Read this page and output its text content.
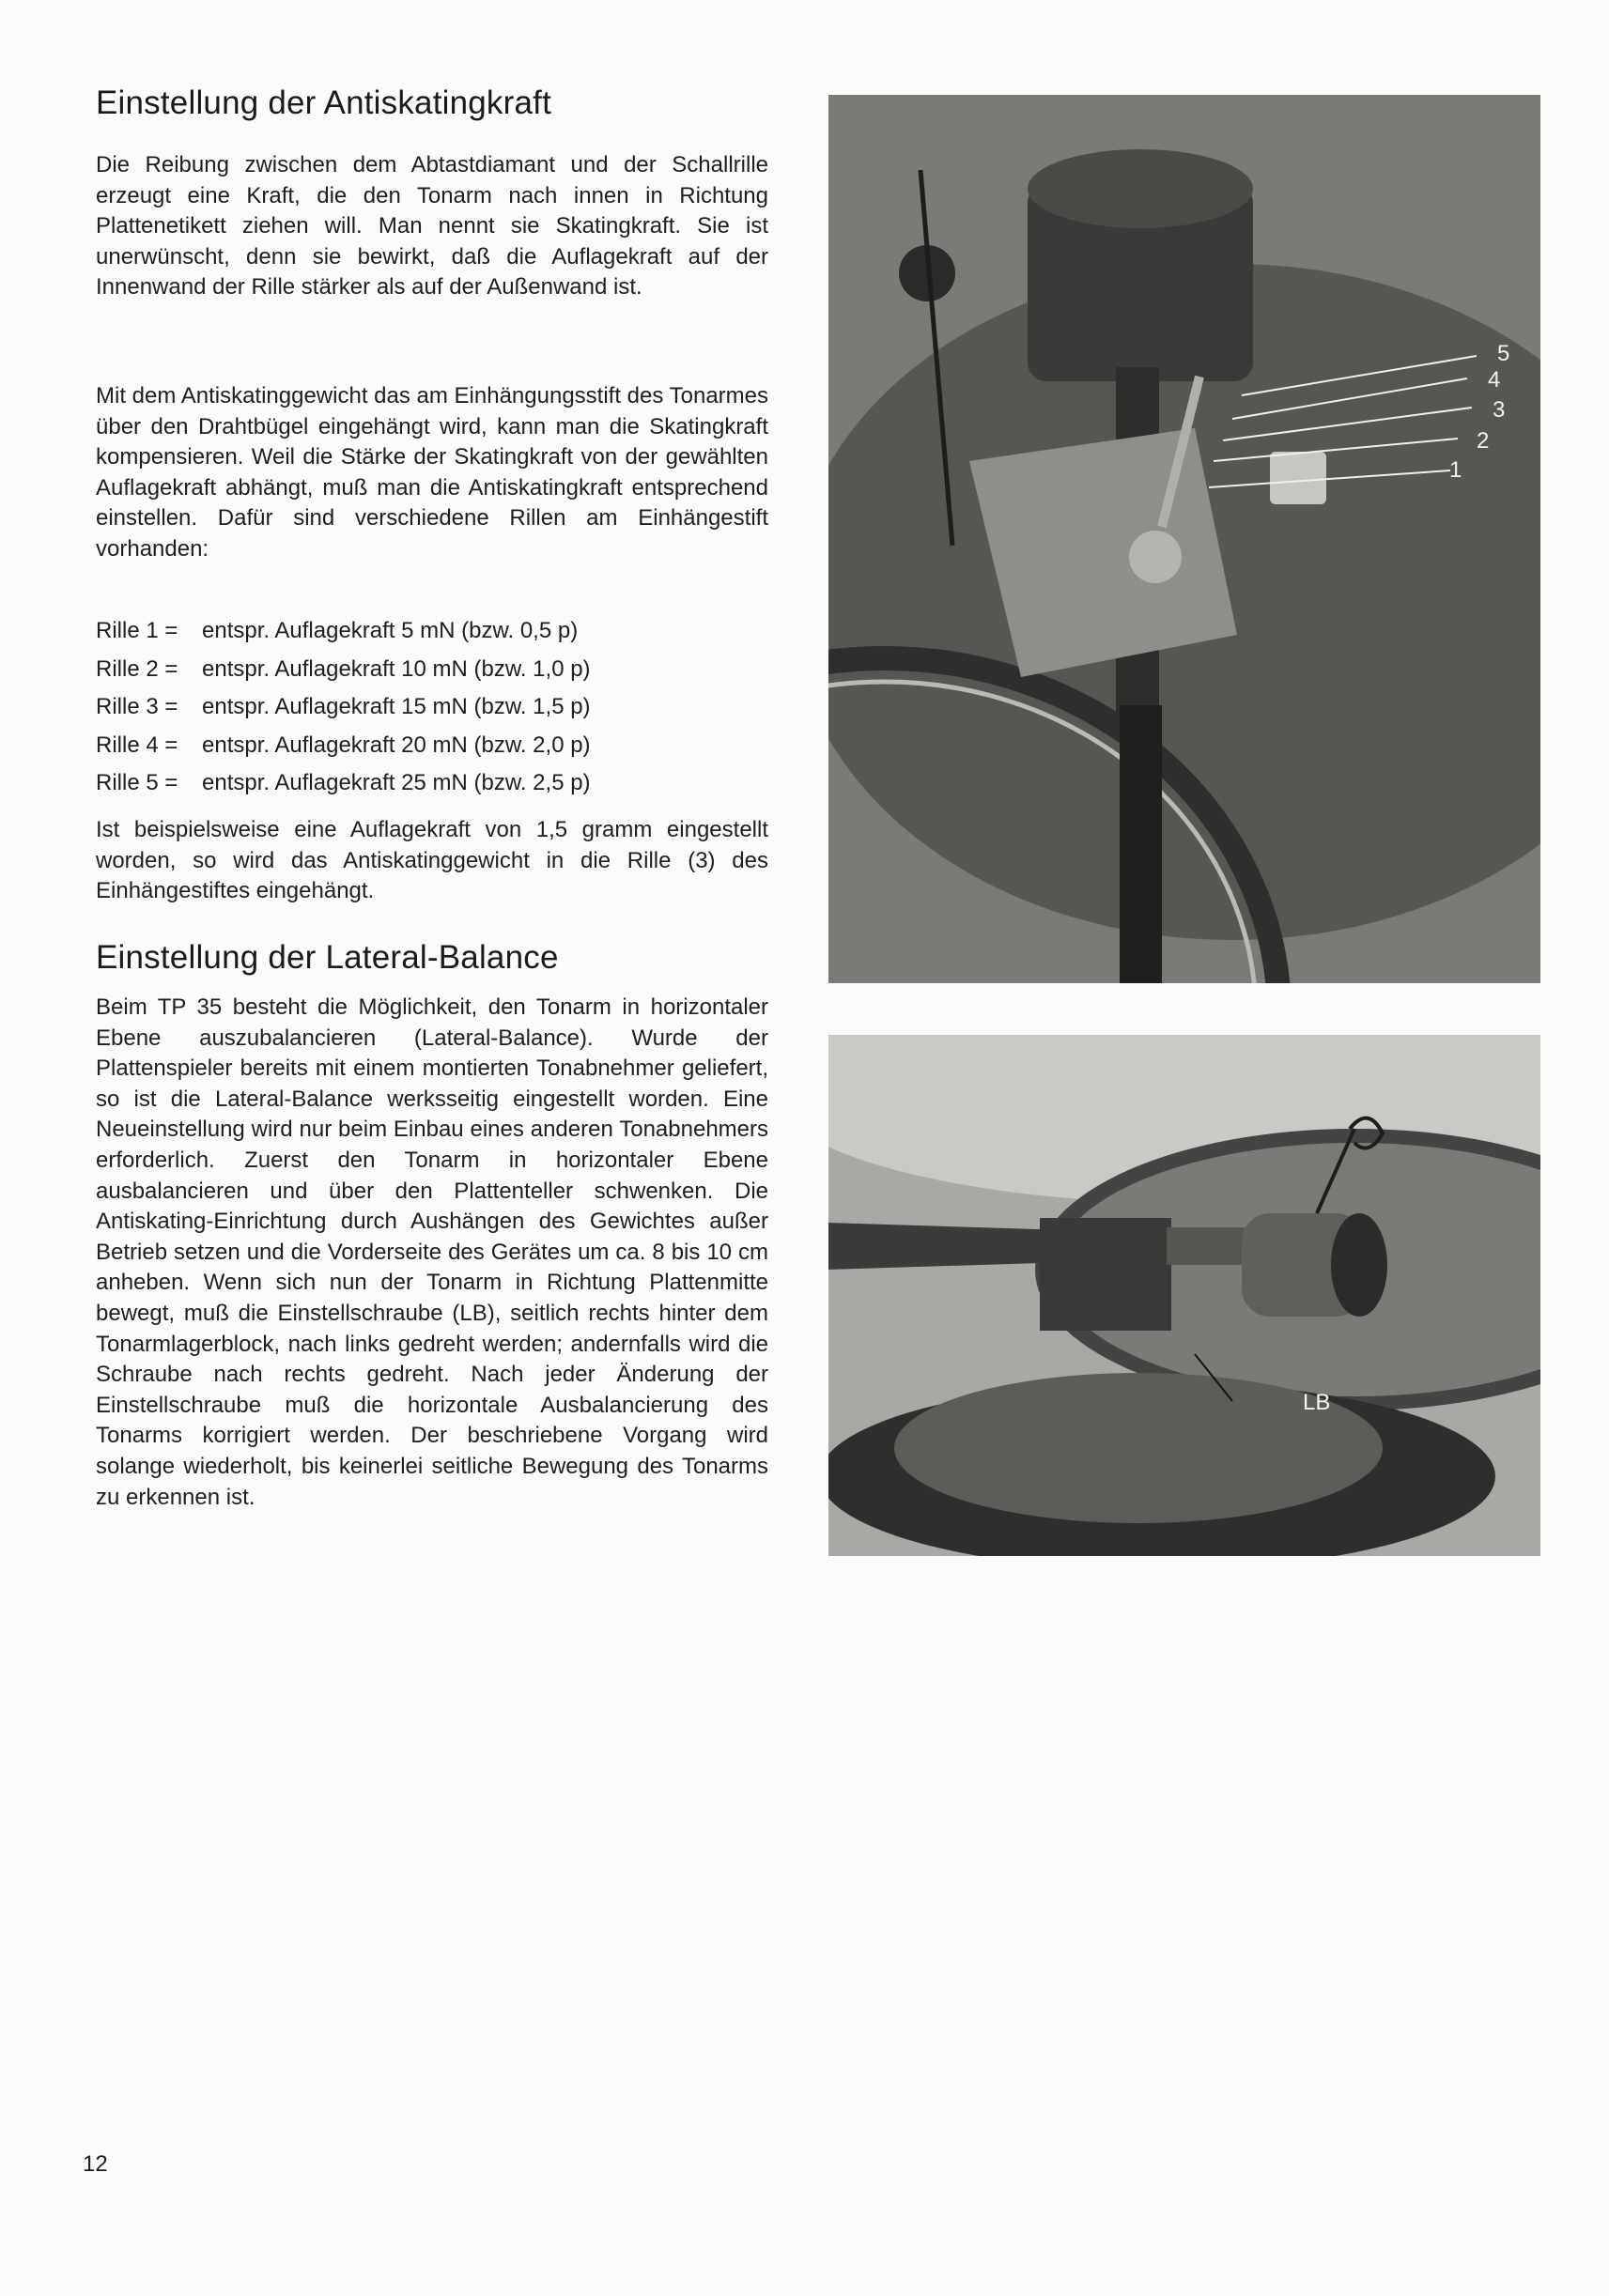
Einstellung der Antiskatingkraft

Die Reibung zwischen dem Abtastdiamant und der Schallrille erzeugt eine Kraft, die den Tonarm nach innen in Richtung Plattenetikett ziehen will. Man nennt sie Skatingkraft. Sie ist unerwünscht, denn sie bewirkt, daß die Auflagekraft auf der Innenwand der Rille stärker als auf der Außenwand ist.

Mit dem Antiskatinggewicht das am Einhängungsstift des Tonarmes über den Drahtbügel eingehängt wird, kann man die Skatingkraft kompensieren. Weil die Stärke der Skatingkraft von der gewählten Auflagekraft abhängt, muß man die Antiskatingkraft entsprechend einstellen. Dafür sind verschiedene Rillen am Einhängestift vorhanden:

Rille 1 = entspr. Auflagekraft 5 mN (bzw. 0,5 p)
Rille 2 = entspr. Auflagekraft 10 mN (bzw. 1,0 p)
Rille 3 = entspr. Auflagekraft 15 mN (bzw. 1,5 p)
Rille 4 = entspr. Auflagekraft 20 mN (bzw. 2,0 p)
Rille 5 = entspr. Auflagekraft 25 mN (bzw. 2,5 p)

Ist beispielsweise eine Auflagekraft von 1,5 gramm eingestellt worden, so wird das Antiskatinggewicht in die Rille (3) des Einhängestiftes eingehängt.

Einstellung der Lateral-Balance

Beim TP 35 besteht die Möglichkeit, den Tonarm in horizontaler Ebene auszubalancieren (Lateral-Balance). Wurde der Plattenspieler bereits mit einem montierten Tonabnehmer geliefert, so ist die Lateral-Balance werksseitig eingestellt worden. Eine Neueinstellung wird nur beim Einbau eines anderen Tonabnehmers erforderlich. Zuerst den Tonarm in horizontaler Ebene ausbalancieren und über den Plattenteller schwenken. Die Antiskating-Einrichtung durch Aushängen des Gewichtes außer Betrieb setzen und die Vorderseite des Gerätes um ca. 8 bis 10 cm anheben. Wenn sich nun der Tonarm in Richtung Plattenmitte bewegt, muß die Einstellschraube (LB), seitlich rechts hinter dem Tonarmlagerblock, nach links gedreht werden; andernfalls wird die Schraube nach rechts gedreht. Nach jeder Änderung der Einstellschraube muß die horizontale Ausbalancierung des Tonarms korrigiert werden. Der beschriebene Vorgang wird solange wiederholt, bis keinerlei seitliche Bewegung des Tonarms zu erkennen ist.

5
4
3
2
1
LB
12
